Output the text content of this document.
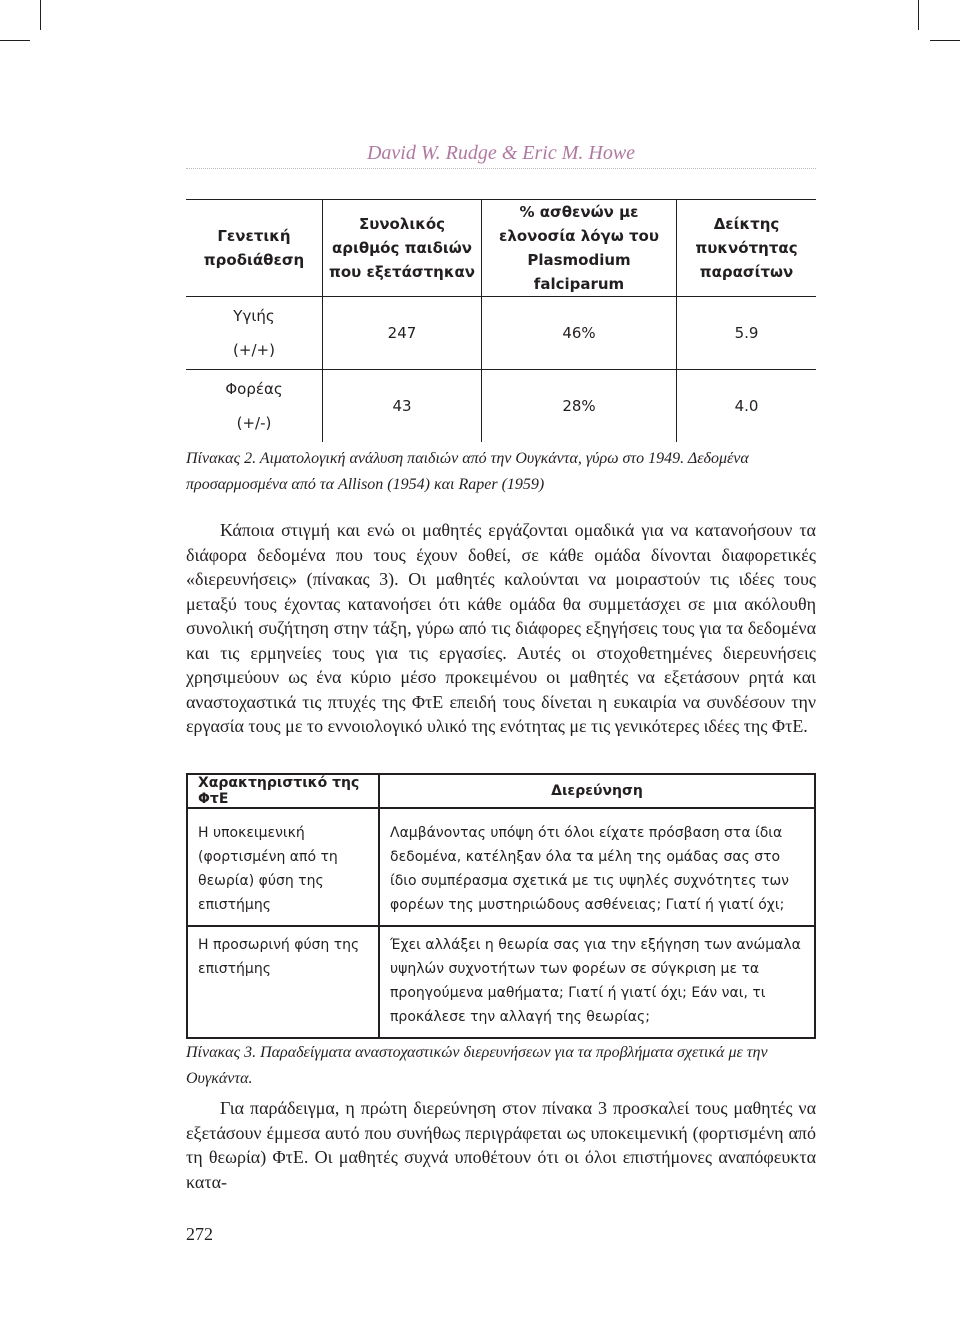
David W. Rudge & Eric M. Howe
Γενετική προδιάθεση	Συνολικός αριθμός παιδιών που εξετάστηκαν	% ασθενών με ελονοσία λόγω του Plasmodium falciparum	Δείκτης πυκνότητας παρασίτων

Υγιής
(+/+)	247	46%	5.9

Φορέας
(+/-)	43	28%	4.0
Πίνακας 2. Αιματολογική ανάλυση παιδιών από την Ουγκάντα, γύρω στο 1949. Δεδομένα προσαρμοσμένα από τα Allison (1954) και Raper (1959)

Κάποια στιγμή και ενώ οι μαθητές εργάζονται ομαδικά για να κατανοήσουν τα διάφορα δεδομένα που τους έχουν δοθεί, σε κάθε ομάδα δίνονται διαφορετικές «διερευνήσεις» (πίνακας 3). Οι μαθητές καλούνται να μοιραστούν τις ιδέες τους μεταξύ τους έχοντας κατανοήσει ότι κάθε ομάδα θα συμμετάσχει σε μια ακόλουθη συνολική συζήτηση στην τάξη, γύρω από τις διάφορες εξηγήσεις τους για τα δεδομένα και τις ερμηνείες τους για τις εργασίες. Αυτές οι στοχοθετημένες διερευνήσεις χρησιμεύουν ως ένα κύριο μέσο προκειμένου οι μαθητές να εξετάσουν ρητά και αναστοχαστικά τις πτυχές της ΦτΕ επειδή τους δίνεται η ευκαιρία να συνδέσουν την εργασία τους με το εννοιολογικό υλικό της ενότητας με τις γενικότερες ιδέες της ΦτΕ.

Χαρακτηριστικό της ΦτΕ	Διερεύνηση
Η υποκειμενική (φορτισμένη από τη θεωρία) φύση της επιστήμης	Λαμβάνοντας υπόψη ότι όλοι είχατε πρόσβαση στα ίδια δεδομένα, κατέληξαν όλα τα μέλη της ομάδας σας στο ίδιο συμπέρασμα σχετικά με τις υψηλές συχνότητες των φορέων της μυστηριώδους ασθένειας; Γιατί ή γιατί όχι;
Η προσωρινή φύση της επιστήμης	Έχει αλλάξει η θεωρία σας για την εξήγηση των ανώμαλα υψηλών συχνοτήτων των φορέων σε σύγκριση με τα προηγούμενα μαθήματα; Γιατί ή γιατί όχι; Εάν ναι, τι προκάλεσε την αλλαγή της θεωρίας;
Πίνακας 3. Παραδείγματα αναστοχαστικών διερευνήσεων για τα προβλήματα σχετικά με την Ουγκάντα.

Για παράδειγμα, η πρώτη διερεύνηση στον πίνακα 3 προσκαλεί τους μαθητές να εξετάσουν έμμεσα αυτό που συνήθως περιγράφεται ως υποκειμενική (φορτισμένη από τη θεωρία) ΦτΕ. Οι μαθητές συχνά υποθέτουν ότι οι όλοι επιστήμονες αναπόφευκτα κατα-

272
